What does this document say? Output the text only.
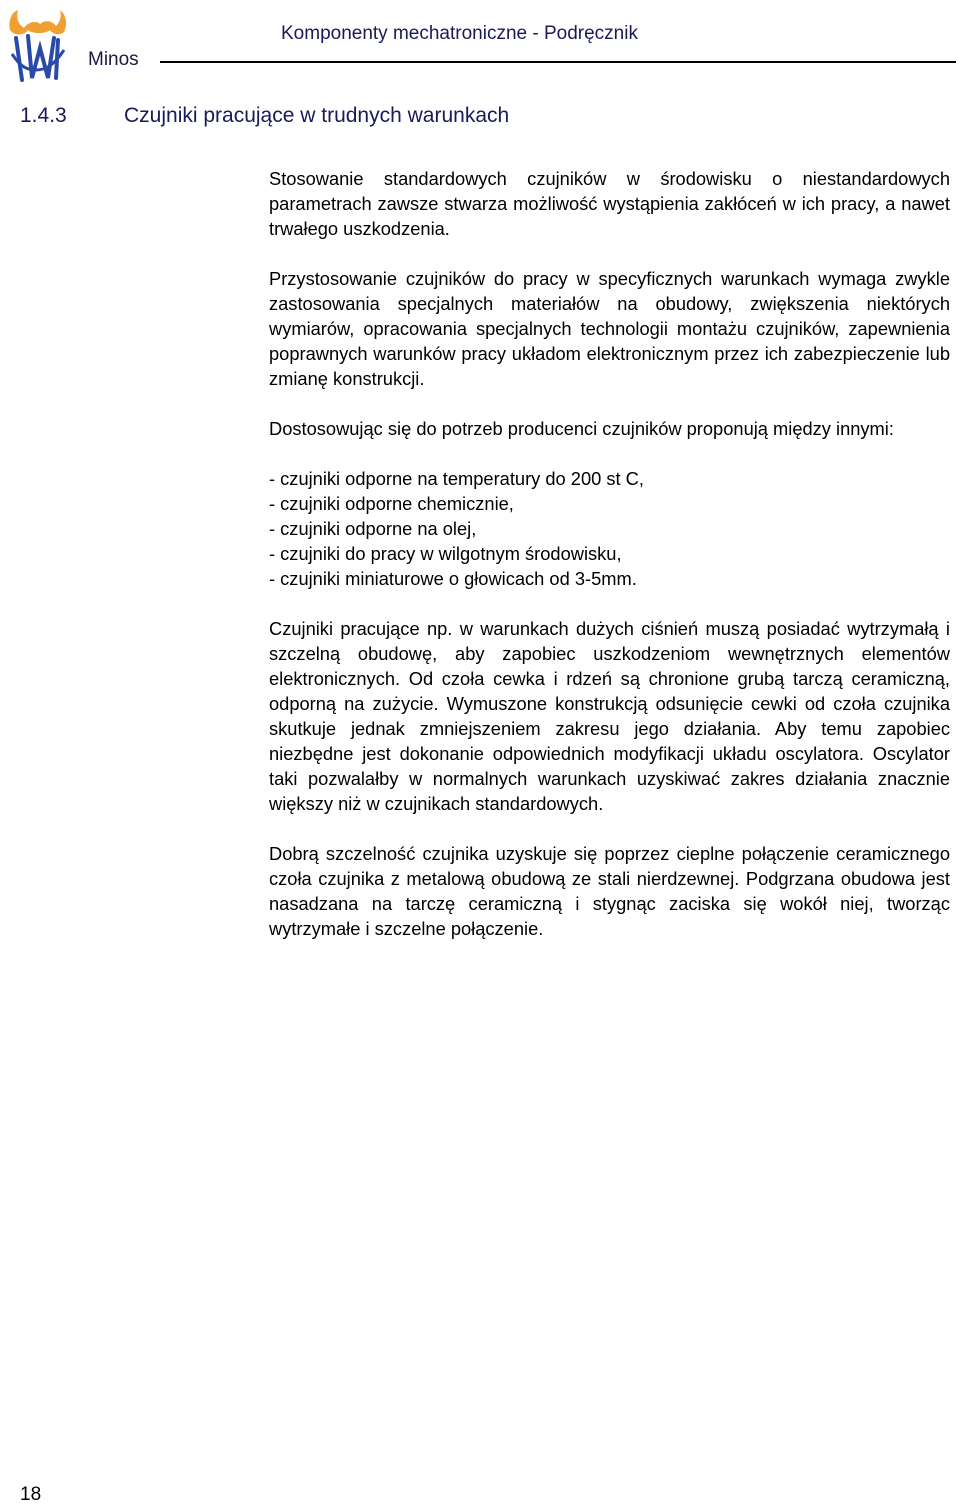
Minos
Komponenty mechatroniczne - Podręcznik
1.4.3	Czujniki pracujące w trudnych warunkach

Stosowanie standardowych czujników w środowisku o niestandardowych parametrach zawsze stwarza możliwość wystąpienia zakłóceń w ich pracy, a nawet trwałego uszkodzenia.

Przystosowanie czujników do pracy w specyficznych warunkach wymaga zwykle zastosowania specjalnych materiałów na obudowy, zwiększenia niektórych wymiarów, opracowania specjalnych technologii montażu czujników, zapewnienia poprawnych warunków pracy układom elektronicznym przez ich zabezpieczenie lub zmianę konstrukcji.

Dostosowując się do potrzeb producenci czujników proponują między innymi:

- czujniki odporne na temperatury do 200 st C,
- czujniki odporne chemicznie,
- czujniki odporne na olej,
- czujniki do pracy w wilgotnym środowisku,
- czujniki miniaturowe o głowicach od 3-5mm.

Czujniki pracujące np. w warunkach dużych ciśnień muszą posiadać wytrzymałą i szczelną obudowę, aby zapobiec uszkodzeniom wewnętrznych elementów elektronicznych. Od czoła cewka i rdzeń są chronione grubą tarczą ceramiczną, odporną na zużycie. Wymuszone konstrukcją odsunięcie cewki od czoła czujnika skutkuje jednak zmniejszeniem zakresu jego działania. Aby temu zapobiec niezbędne jest dokonanie odpowiednich modyfikacji układu oscylatora. Oscylator taki pozwalałby w normalnych warunkach uzyskiwać zakres działania znacznie większy niż w czujnikach standardowych.

Dobrą szczelność czujnika uzyskuje się poprzez cieplne połączenie ceramicznego czoła czujnika z metalową obudową ze stali nierdzewnej. Podgrzana obudowa jest nasadzana na tarczę ceramiczną i stygnąc zaciska się wokół niej, tworząc wytrzymałe i szczelne połączenie.

18
